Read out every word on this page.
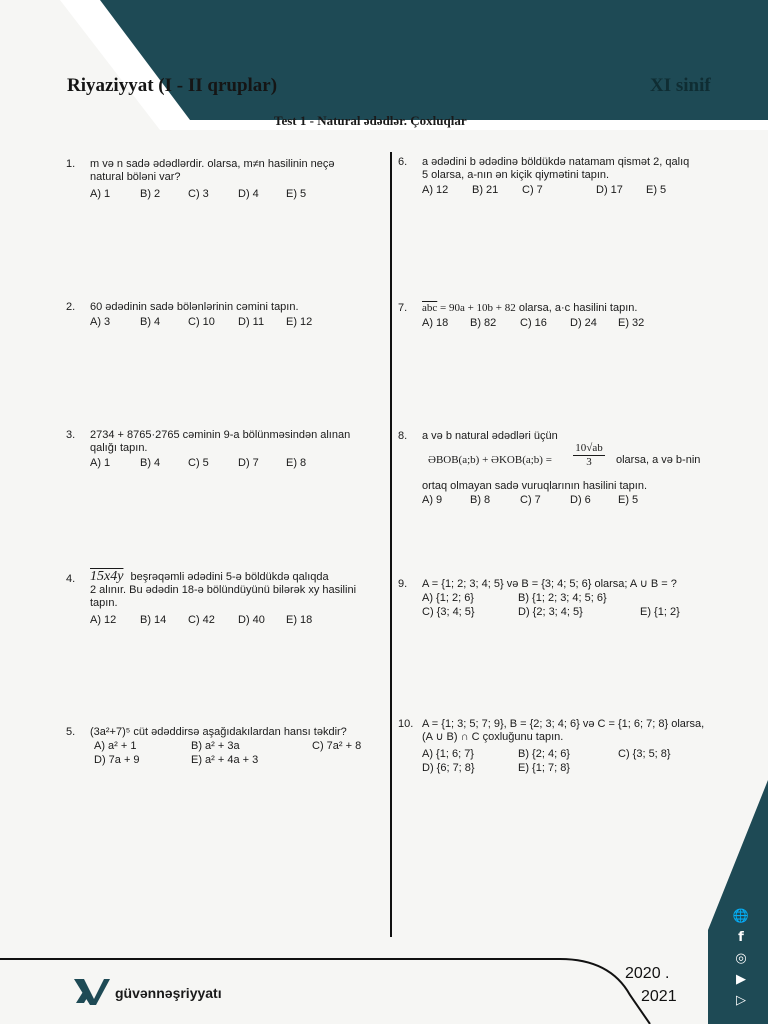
Riyaziyyat (I - II qruplar)	XI sinif
Test 1 - Natural ədədlər. Çoxluqlar
1.	m və n sadə ədədlərdir. olarsa, m≠n hasilinin neçə
natural böləni var?
A) 1	B) 2	C) 3	D) 4 E) 5
2.	60 ədədinin sadə bölənlərinin cəmini tapın.
A) 3	B) 4	C) 10 D) 11 E) 12
3.	2734 + 8765·2765 cəminin 9-a bölünməsindən alınan
qalığı tapın.
A) 1	B) 4	C) 5	D) 7 E) 8
4.	15x4y beşrəqəmli ədədini 5-ə böldükdə qalıqda
2 alınır. Bu ədədin 18-ə bölündüyünü bilərək xy hasilini
tapın.
A) 12 B) 14 C) 42 D) 40 E) 18
5.	(3a²+7)⁵ cüt ədəddirsə aşağıdakılardan hansı təkdir?
A) a² + 1	B) a² + 3a	C) 7a² + 8
D) 7a + 9	E) a² + 4a + 3
6.	a ədədini b ədədinə böldükdə natamam qismət 2, qalıq
5 olarsa, a-nın ən kiçik qiymətini tapın.
A) 12 B) 21 C) 7	D) 17 E) 5
7.	$\overline{abc} = 90a + 10b + 82$ olarsa, a·c hasilini tapın.
A) 18 B) 82 C) 16 D) 24 E) 32
8.	a və b natural ədədləri üçün
ƏBOB(a;b) + ƏKOB(a;b) =
10√ab
3	olarsa, a və b-nin
ortaq olmayan sadə vuruqlarının hasilini tapın.
A) 9	B) 8	C) 7	D) 6 E) 5
9.	A = {1; 2; 3; 4; 5} və B = {3; 4; 5; 6} olarsa; A ∪ B = ?
A) {1; 2; 6}	B) {1; 2; 3; 4; 5; 6}
C) {3; 4; 5}	D) {2; 3; 4; 5}	E) {1; 2}
10. A = {1; 3; 5; 7; 9}, B = {2; 3; 4; 6} və C = {1; 6; 7; 8} olarsa,
(A ∪ B) ∩ C çoxluğunu tapın.
A) {1; 6; 7}	B) {2; 4; 6}	C) {3; 5; 8}
D) {6; 7; 8}	E) {1; 7; 8}
güvənnəşriyyatı
2020 .
2021
🌐
f
◎
▶
▷
